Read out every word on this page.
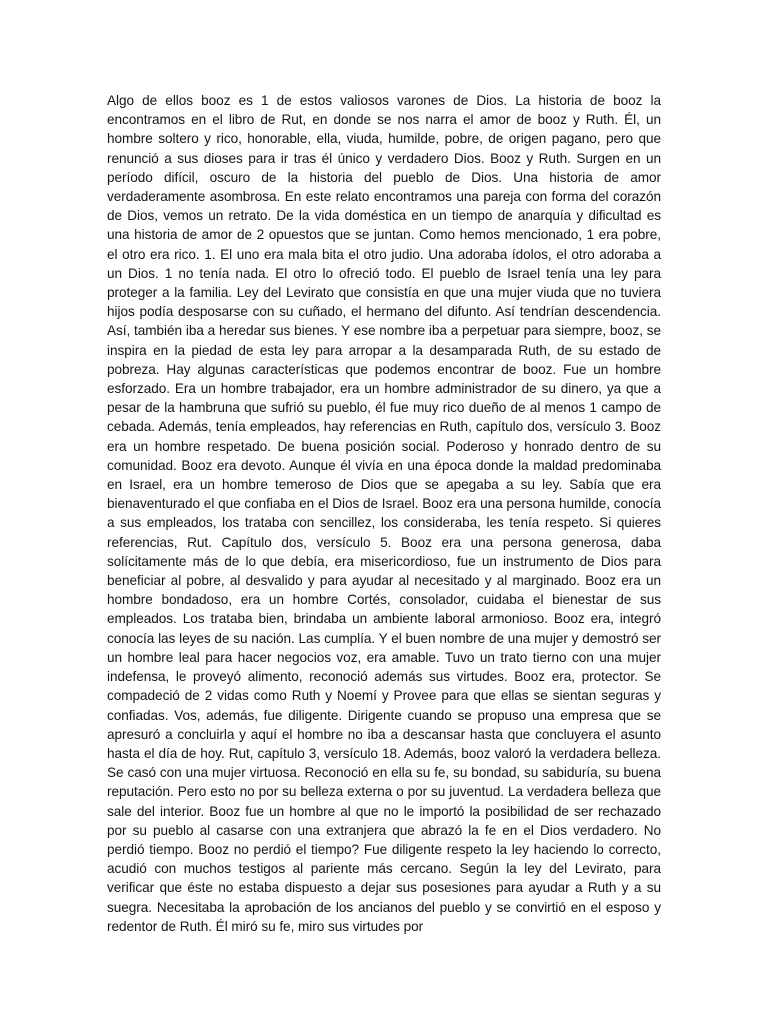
Algo de ellos booz es 1 de estos valiosos varones de Dios. La historia de booz la encontramos en el libro de Rut, en donde se nos narra el amor de booz y Ruth. Él, un hombre soltero y rico, honorable, ella, viuda, humilde, pobre, de origen pagano, pero que renunció a sus dioses para ir tras él único y verdadero Dios. Booz y Ruth. Surgen en un período difícil, oscuro de la historia del pueblo de Dios. Una historia de amor verdaderamente asombrosa. En este relato encontramos una pareja con forma del corazón de Dios, vemos un retrato. De la vida doméstica en un tiempo de anarquía y dificultad es una historia de amor de 2 opuestos que se juntan. Como hemos mencionado, 1 era pobre, el otro era rico. 1. El uno era mala bita el otro judio. Una adoraba ídolos, el otro adoraba a un Dios. 1 no tenía nada. El otro lo ofreció todo. El pueblo de Israel tenía una ley para proteger a la familia. Ley del Levirato que consistía en que una mujer viuda que no tuviera hijos podía desposarse con su cuñado, el hermano del difunto. Así tendrían descendencia. Así, también iba a heredar sus bienes. Y ese nombre iba a perpetuar para siempre, booz, se inspira en la piedad de esta ley para arropar a la desamparada Ruth, de su estado de pobreza. Hay algunas características que podemos encontrar de booz. Fue un hombre esforzado. Era un hombre trabajador, era un hombre administrador de su dinero, ya que a pesar de la hambruna que sufrió su pueblo, él fue muy rico dueño de al menos 1 campo de cebada. Además, tenía empleados, hay referencias en Ruth, capítulo dos, versículo 3. Booz era un hombre respetado. De buena posición social. Poderoso y honrado dentro de su comunidad. Booz era devoto. Aunque él vivía en una época donde la maldad predominaba en Israel, era un hombre temeroso de Dios que se apegaba a su ley. Sabía que era bienaventurado el que confiaba en el Dios de Israel. Booz era una persona humilde, conocía a sus empleados, los trataba con sencillez, los consideraba, les tenía respeto. Si quieres referencias, Rut. Capítulo dos, versículo 5. Booz era una persona generosa, daba solícitamente más de lo que debía, era misericordioso, fue un instrumento de Dios para beneficiar al pobre, al desvalido y para ayudar al necesitado y al marginado. Booz era un hombre bondadoso, era un hombre Cortés, consolador, cuidaba el bienestar de sus empleados. Los trataba bien, brindaba un ambiente laboral armonioso. Booz era, integró conocía las leyes de su nación. Las cumplía. Y el buen nombre de una mujer y demostró ser un hombre leal para hacer negocios voz, era amable. Tuvo un trato tierno con una mujer indefensa, le proveyó alimento, reconoció además sus virtudes. Booz era, protector. Se compadeció de 2 vidas como Ruth y Noemí y Provee para que ellas se sientan seguras y confiadas. Vos, además, fue diligente. Dirigente cuando se propuso una empresa que se apresuró a concluirla y aquí el hombre no iba a descansar hasta que concluyera el asunto hasta el día de hoy. Rut, capítulo 3, versículo 18. Además, booz valoró la verdadera belleza. Se casó con una mujer virtuosa. Reconoció en ella su fe, su bondad, su sabiduría, su buena reputación. Pero esto no por su belleza externa o por su juventud. La verdadera belleza que sale del interior. Booz fue un hombre al que no le importó la posibilidad de ser rechazado por su pueblo al casarse con una extranjera que abrazó la fe en el Dios verdadero. No perdió tiempo. Booz no perdió el tiempo? Fue diligente respeto la ley haciendo lo correcto, acudió con muchos testigos al pariente más cercano. Según la ley del Levirato, para verificar que éste no estaba dispuesto a dejar sus posesiones para ayudar a Ruth y a su suegra. Necesitaba la aprobación de los ancianos del pueblo y se convirtió en el esposo y redentor de Ruth. Él miró su fe, miro sus virtudes por
